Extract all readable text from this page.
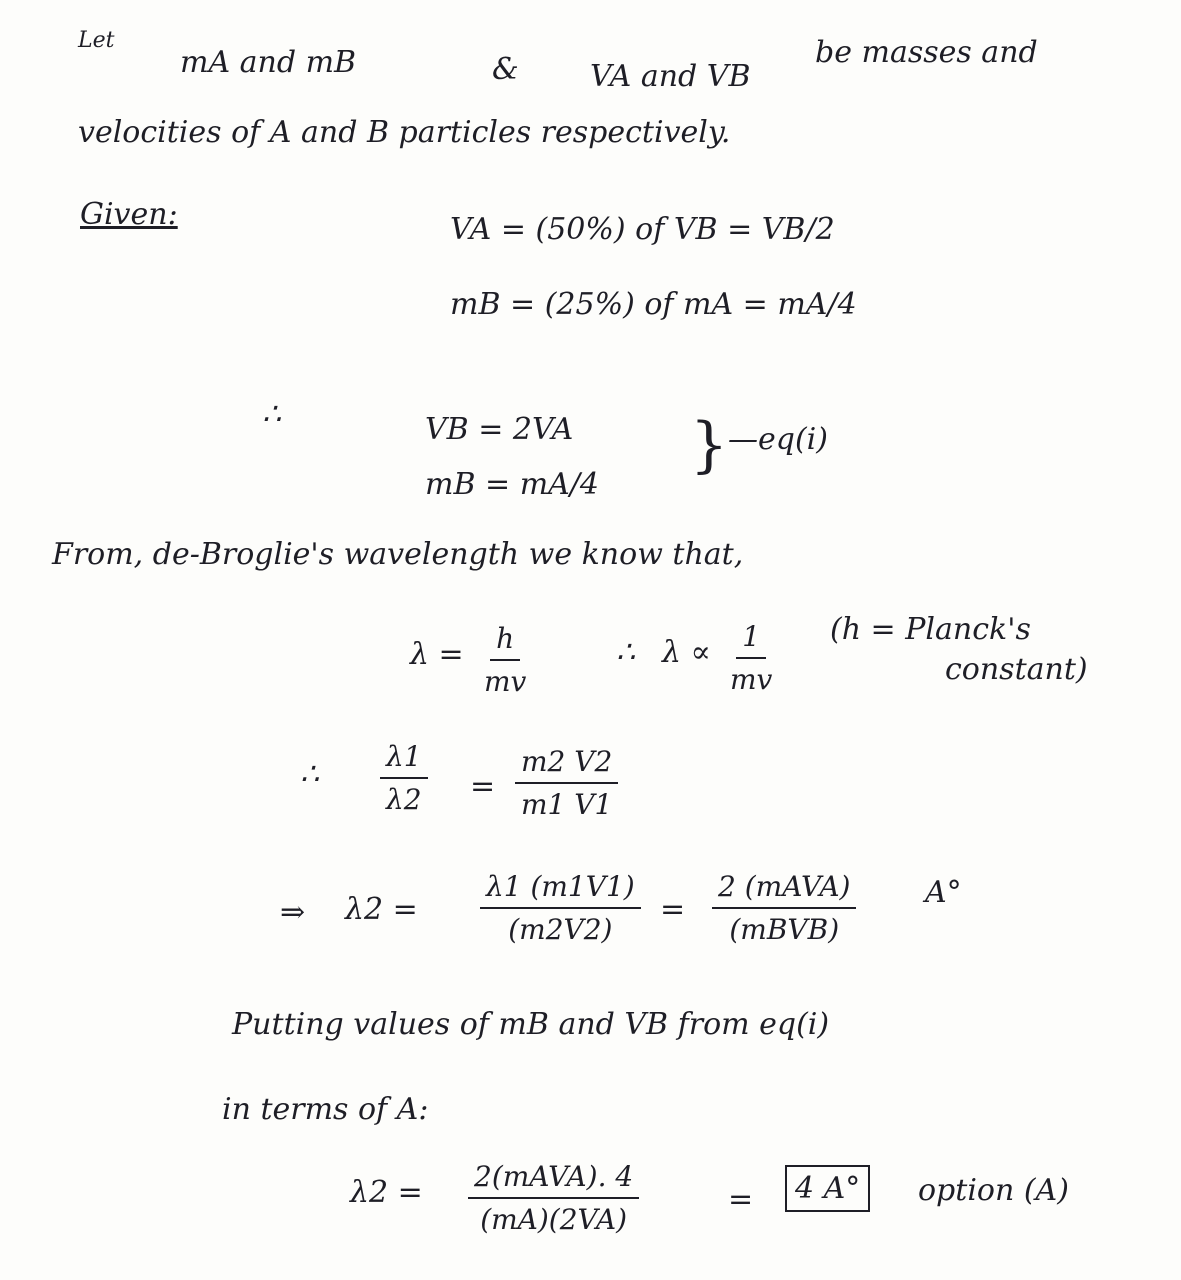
Let
mA and mB	& VA and VB
be masses and
velocities of A and B particles respectively.
Given:	VA = (50%) of VB = VB/2
mB = (25%) of mA = mA/4
∴	VB = 2VA
mB = mA/4
} —eq(i)
From, de-Broglie's wavelength we know that,
$\lambda = \frac{h}{mv}$	∴ $\lambda \propto \frac{1}{mv} (h$ = Planck's
constant)
∴ $\frac{\lambda 1}{\lambda 2} = \frac{m2 V2}{m1 V1}$
⇒ $\lambda 2 = \frac{\lambda 1 (m1V1)}{(m2V2)}$ =
2 (mAVA)
(mBVB)
A°
Putting values of mB and VB from eq(i)
in terms of A:
λ2 = 2(mAVA). 4
(mA)(2VA)
=	4 A°	option (A)
